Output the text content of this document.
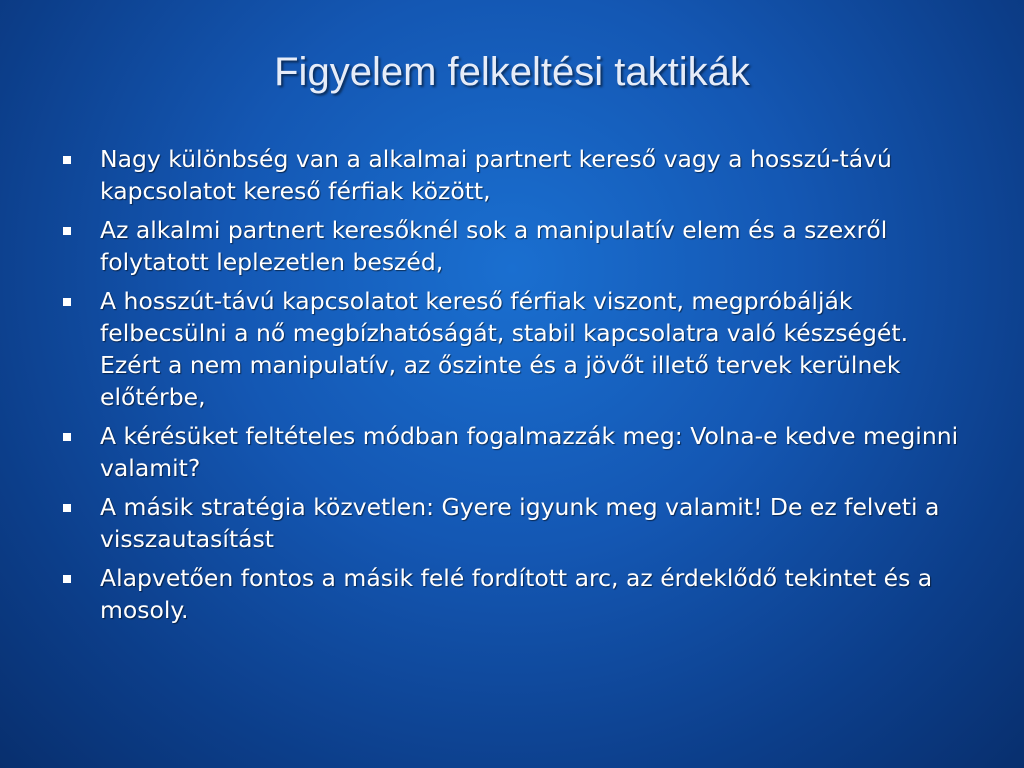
Figyelem felkeltési taktikák
Nagy különbség van a alkalmai partnert kereső vagy a hosszú-távú kapcsolatot kereső férfiak között,
Az alkalmi partnert keresőknél sok a manipulatív elem és a szexről folytatott leplezetlen beszéd,
A hosszút-távú kapcsolatot kereső férfiak viszont, megpróbálják felbecsülni a nő megbízhatóságát, stabil kapcsolatra való készségét. Ezért a nem manipulatív, az őszinte és a jövőt illető tervek kerülnek előtérbe,
A kérésüket feltételes módban fogalmazzák meg: Volna-e kedve meginni valamit?
A másik stratégia közvetlen: Gyere igyunk meg valamit! De ez felveti a visszautasítást
Alapvetően fontos a másik felé fordított arc, az érdeklődő tekintet és a mosoly.
